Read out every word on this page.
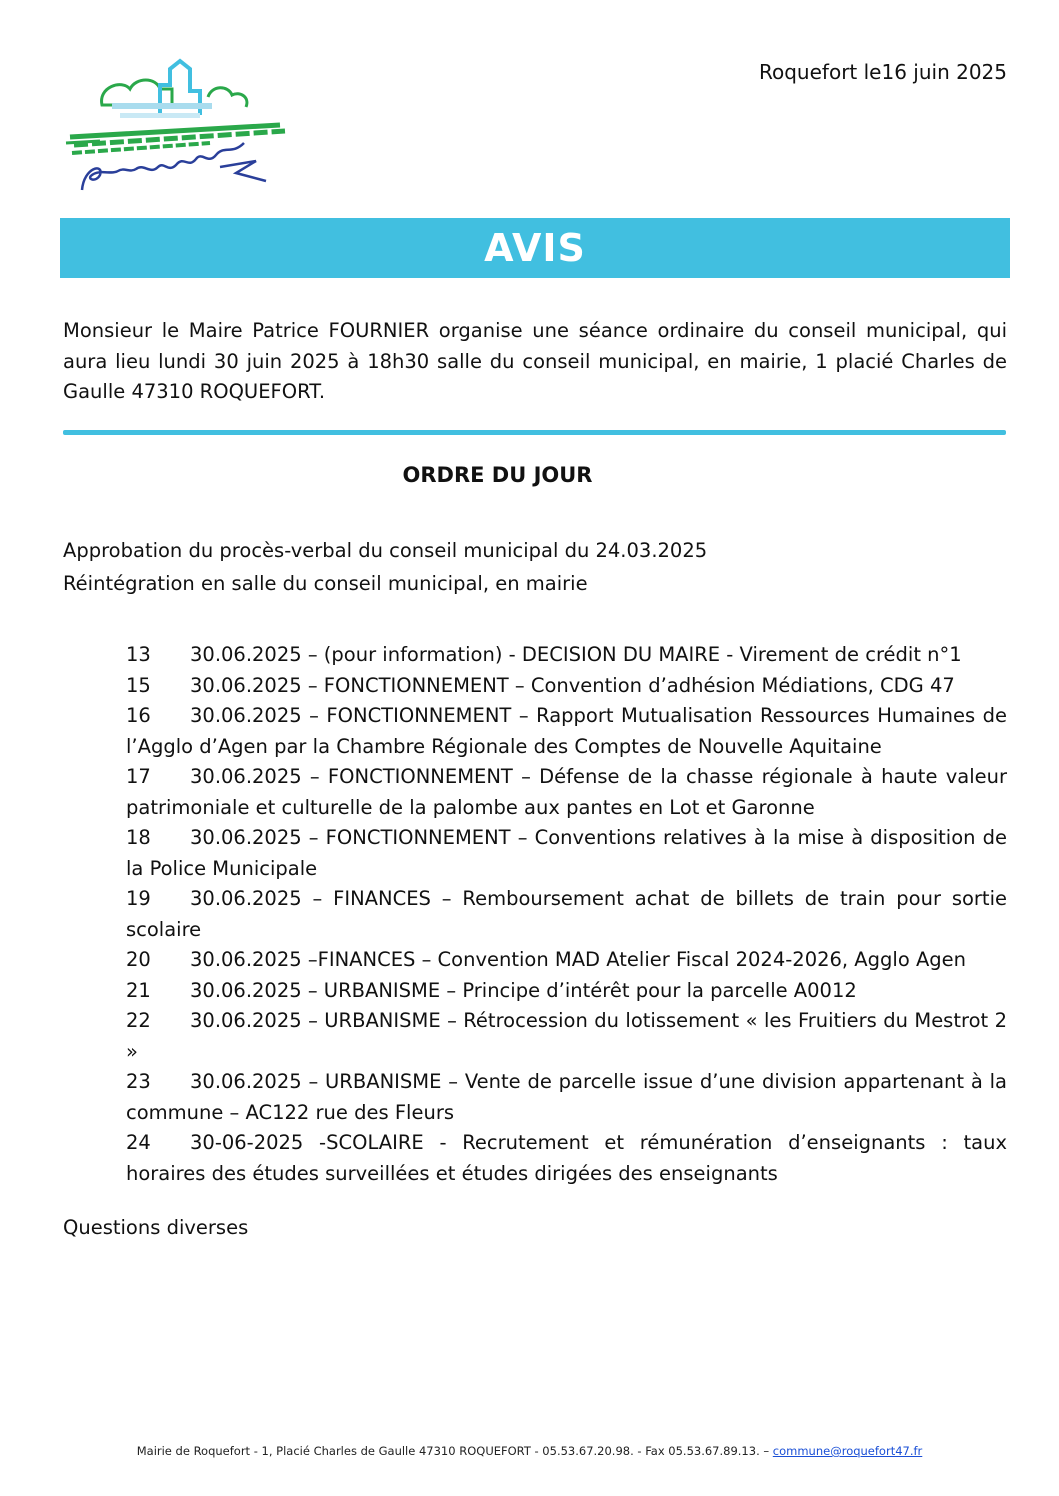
Roquefort le16 juin 2025
AVIS
Monsieur le Maire Patrice FOURNIER organise une séance ordinaire du conseil municipal, qui aura lieu lundi 30 juin 2025 à 18h30 salle du conseil municipal, en mairie, 1 placié Charles de Gaulle 47310 ROQUEFORT.
ORDRE DU JOUR
Approbation du procès-verbal du conseil municipal du 24.03.2025
Réintégration en salle du conseil municipal, en mairie
13 30.06.2025 – (pour information) - DECISION DU MAIRE - Virement de crédit n°1
15 30.06.2025 – FONCTIONNEMENT – Convention d’adhésion Médiations, CDG 47
16 30.06.2025 – FONCTIONNEMENT – Rapport Mutualisation Ressources Humaines de l’Agglo d’Agen par la Chambre Régionale des Comptes de Nouvelle Aquitaine
17 30.06.2025 – FONCTIONNEMENT – Défense de la chasse régionale à haute valeur patrimoniale et culturelle de la palombe aux pantes en Lot et Garonne
18 30.06.2025 – FONCTIONNEMENT – Conventions relatives à la mise à disposition de la Police Municipale
19 30.06.2025 – FINANCES – Remboursement achat de billets de train pour sortie scolaire
20 30.06.2025 –FINANCES – Convention MAD Atelier Fiscal 2024-2026, Agglo Agen
21 30.06.2025 – URBANISME – Principe d’intérêt pour la parcelle A0012
22 30.06.2025 – URBANISME – Rétrocession du lotissement « les Fruitiers du Mestrot 2 »
23 30.06.2025 – URBANISME – Vente de parcelle issue d’une division appartenant à la commune – AC122 rue des Fleurs
24 30-06-2025 -SCOLAIRE - Recrutement et rémunération d’enseignants : taux horaires des études surveillées et études dirigées des enseignants
Questions diverses
Mairie de Roquefort - 1, Placié Charles de Gaulle 47310 ROQUEFORT - 05.53.67.20.98. - Fax 05.53.67.89.13. – commune@roquefort47.fr
